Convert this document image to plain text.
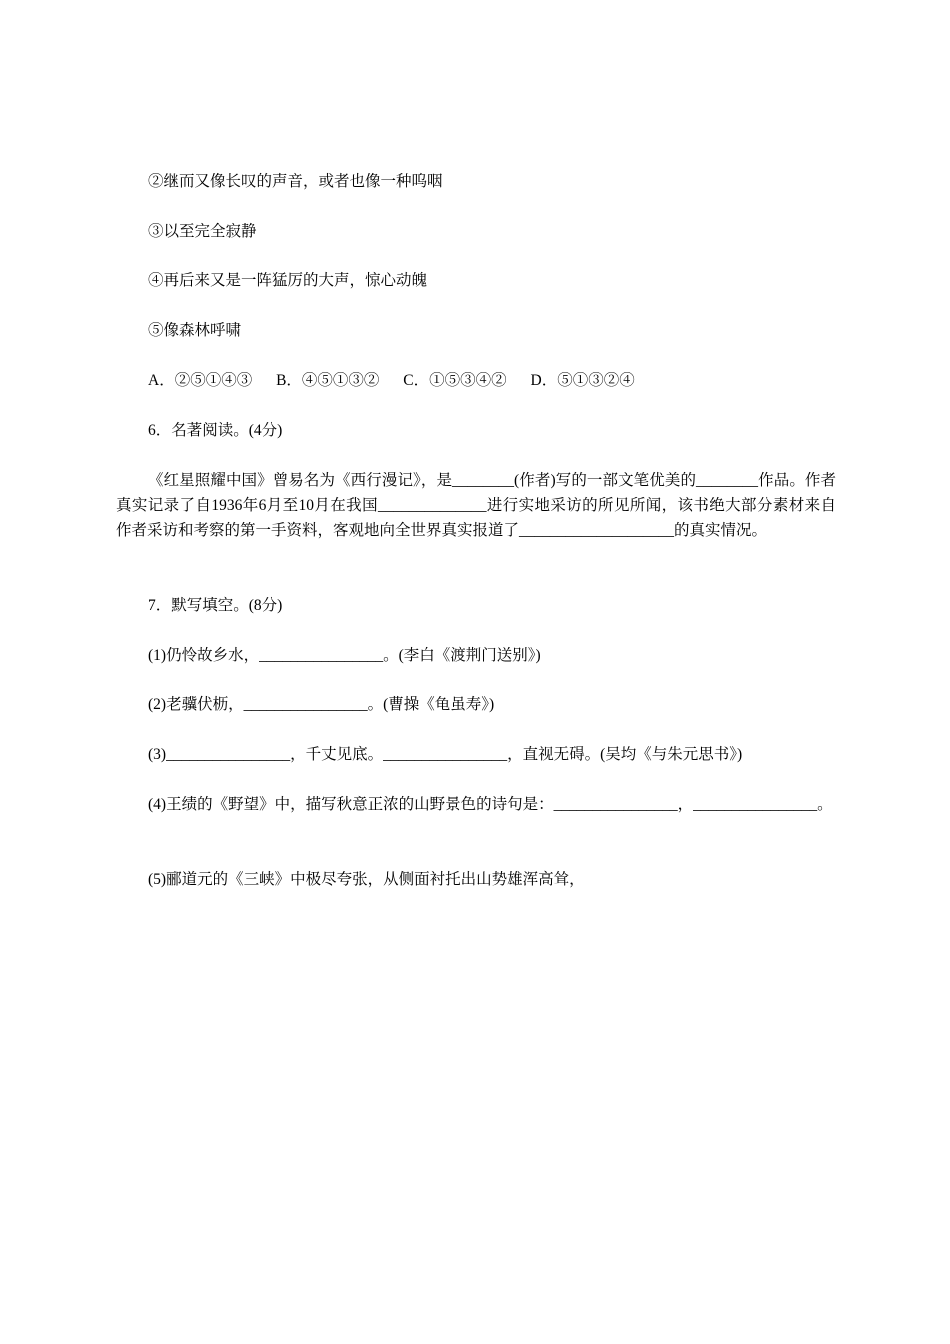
②继而又像长叹的声音，或者也像一种呜咽
③以至完全寂静
④再后来又是一阵猛厉的大声，惊心动魄
⑤像森林呼啸
A．②⑤①④③ B．④⑤①③② C．①⑤③④② D．⑤①③②④
6．名著阅读。(4分)
《红星照耀中国》曾易名为《西行漫记》，是________(作者)写的一部文笔优美的________作品。作者真实记录了自1936年6月至10月在我国______________进行实地采访的所见所闻，该书绝大部分素材来自作者采访和考察的第一手资料，客观地向全世界真实报道了____________________的真实情况。
7．默写填空。(8分)
(1)仍怜故乡水，________________。(李白《渡荆门送别》)
(2)老骥伏枥，________________。(曹操《龟虽寿》)
(3)________________，千丈见底。________________，直视无碍。(吴均《与朱元思书》)
(4)王绩的《野望》中，描写秋意正浓的山野景色的诗句是：________________，________________。
(5)郦道元的《三峡》中极尽夸张，从侧面衬托出山势雄浑高耸，
